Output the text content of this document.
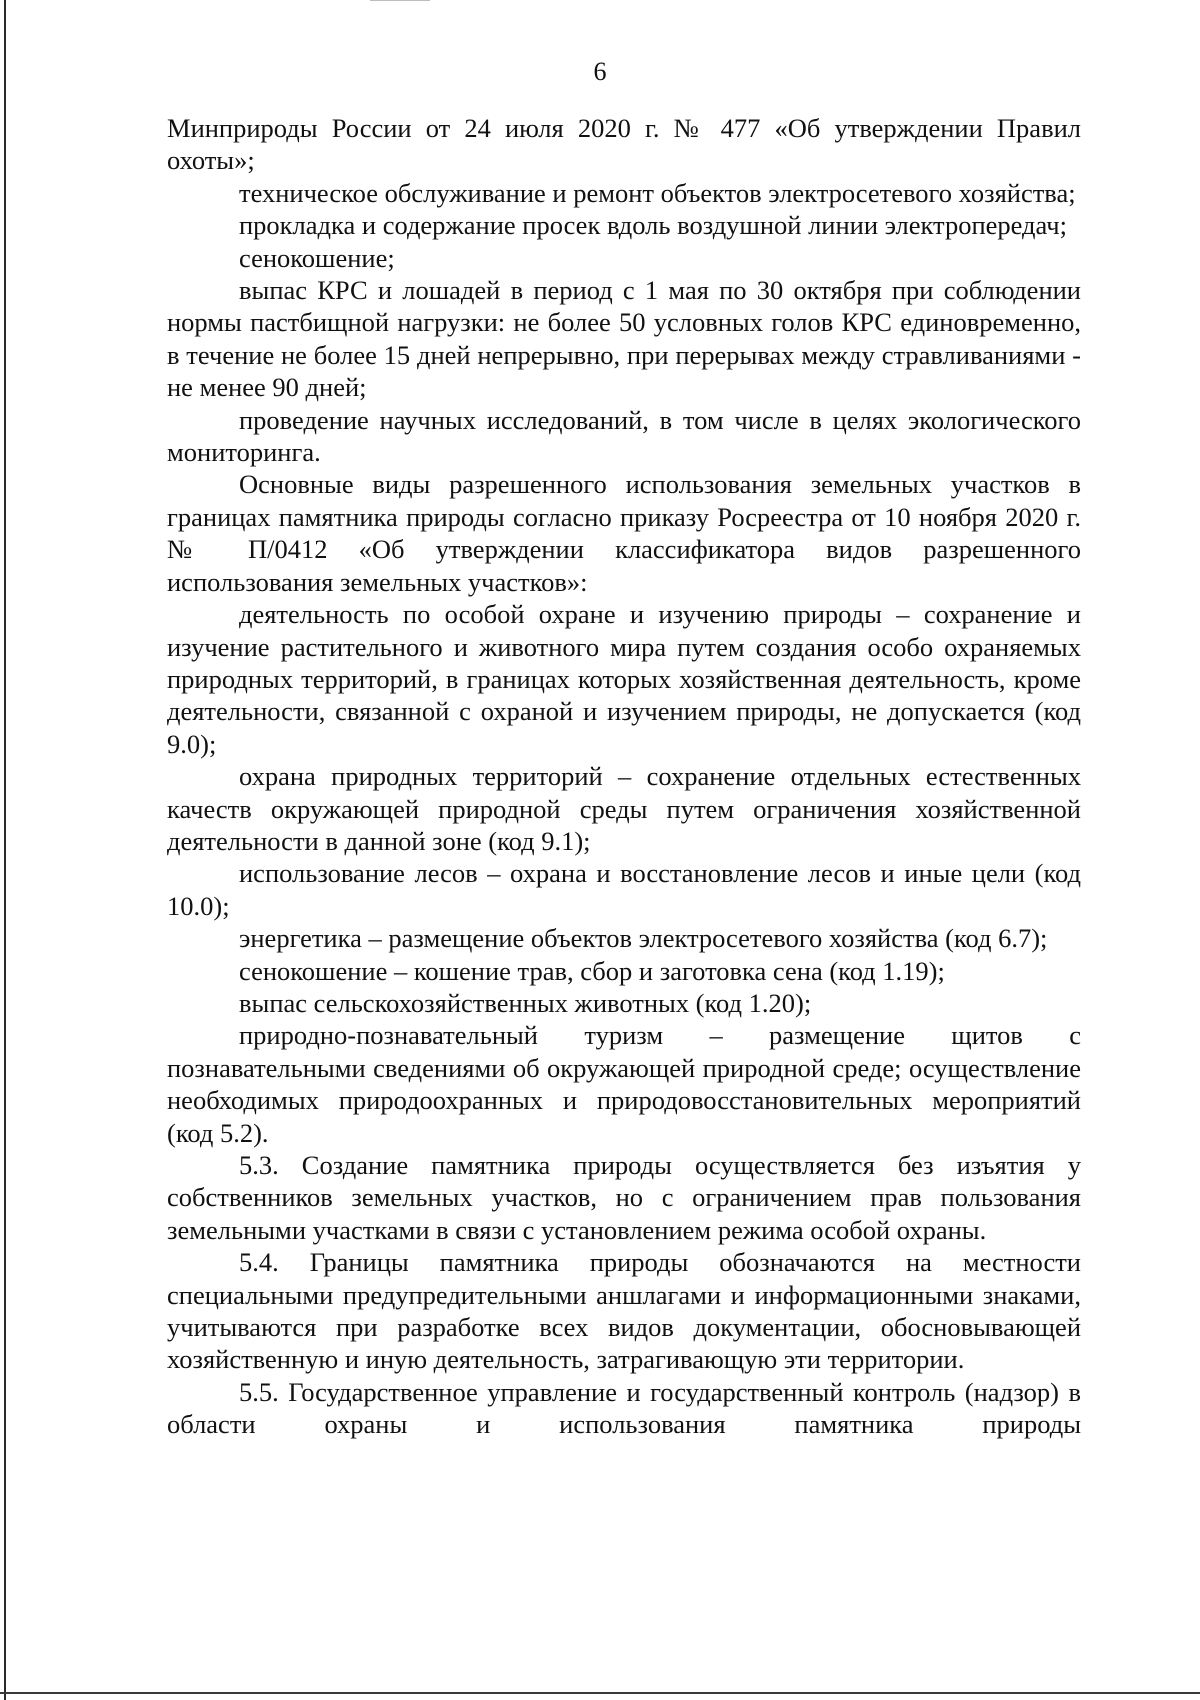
6

Минприроды России от 24 июля 2020 г. № 477 «Об утверждении Правил охоты»;

техническое обслуживание и ремонт объектов электросетевого хозяйства;

прокладка и содержание просек вдоль воздушной линии электропередач;

сенокошение;

выпас КРС и лошадей в период с 1 мая по 30 октября при соблюдении нормы пастбищной нагрузки: не более 50 условных голов КРС единовременно, в течение не более 15 дней непрерывно, при перерывах между стравливаниями - не менее 90 дней;

проведение научных исследований, в том числе в целях экологического мониторинга.

Основные виды разрешенного использования земельных участков в границах памятника природы согласно приказу Росреестра от 10 ноября 2020 г. № П/0412 «Об утверждении классификатора видов разрешенного использования земельных участков»:

деятельность по особой охране и изучению природы – сохранение и изучение растительного и животного мира путем создания особо охраняемых природных территорий, в границах которых хозяйственная деятельность, кроме деятельности, связанной с охраной и изучением природы, не допускается (код 9.0);

охрана природных территорий – сохранение отдельных естественных качеств окружающей природной среды путем ограничения хозяйственной деятельности в данной зоне (код 9.1);

использование лесов – охрана и восстановление лесов и иные цели (код 10.0);

энергетика – размещение объектов электросетевого хозяйства (код 6.7);

сенокошение – кошение трав, сбор и заготовка сена (код 1.19);

выпас сельскохозяйственных животных (код 1.20);

природно-познавательный туризм – размещение щитов с познавательными сведениями об окружающей природной среде; осуществление необходимых природоохранных и природовосстановительных мероприятий (код 5.2).

5.3. Создание памятника природы осуществляется без изъятия у собственников земельных участков, но с ограничением прав пользования земельными участками в связи с установлением режима особой охраны.

5.4. Границы памятника природы обозначаются на местности специальными предупредительными аншлагами и информационными знаками, учитываются при разработке всех видов документации, обосновывающей хозяйственную и иную деятельность, затрагивающую эти территории.

5.5. Государственное управление и государственный контроль (надзор) в области охраны и использования памятника природы
